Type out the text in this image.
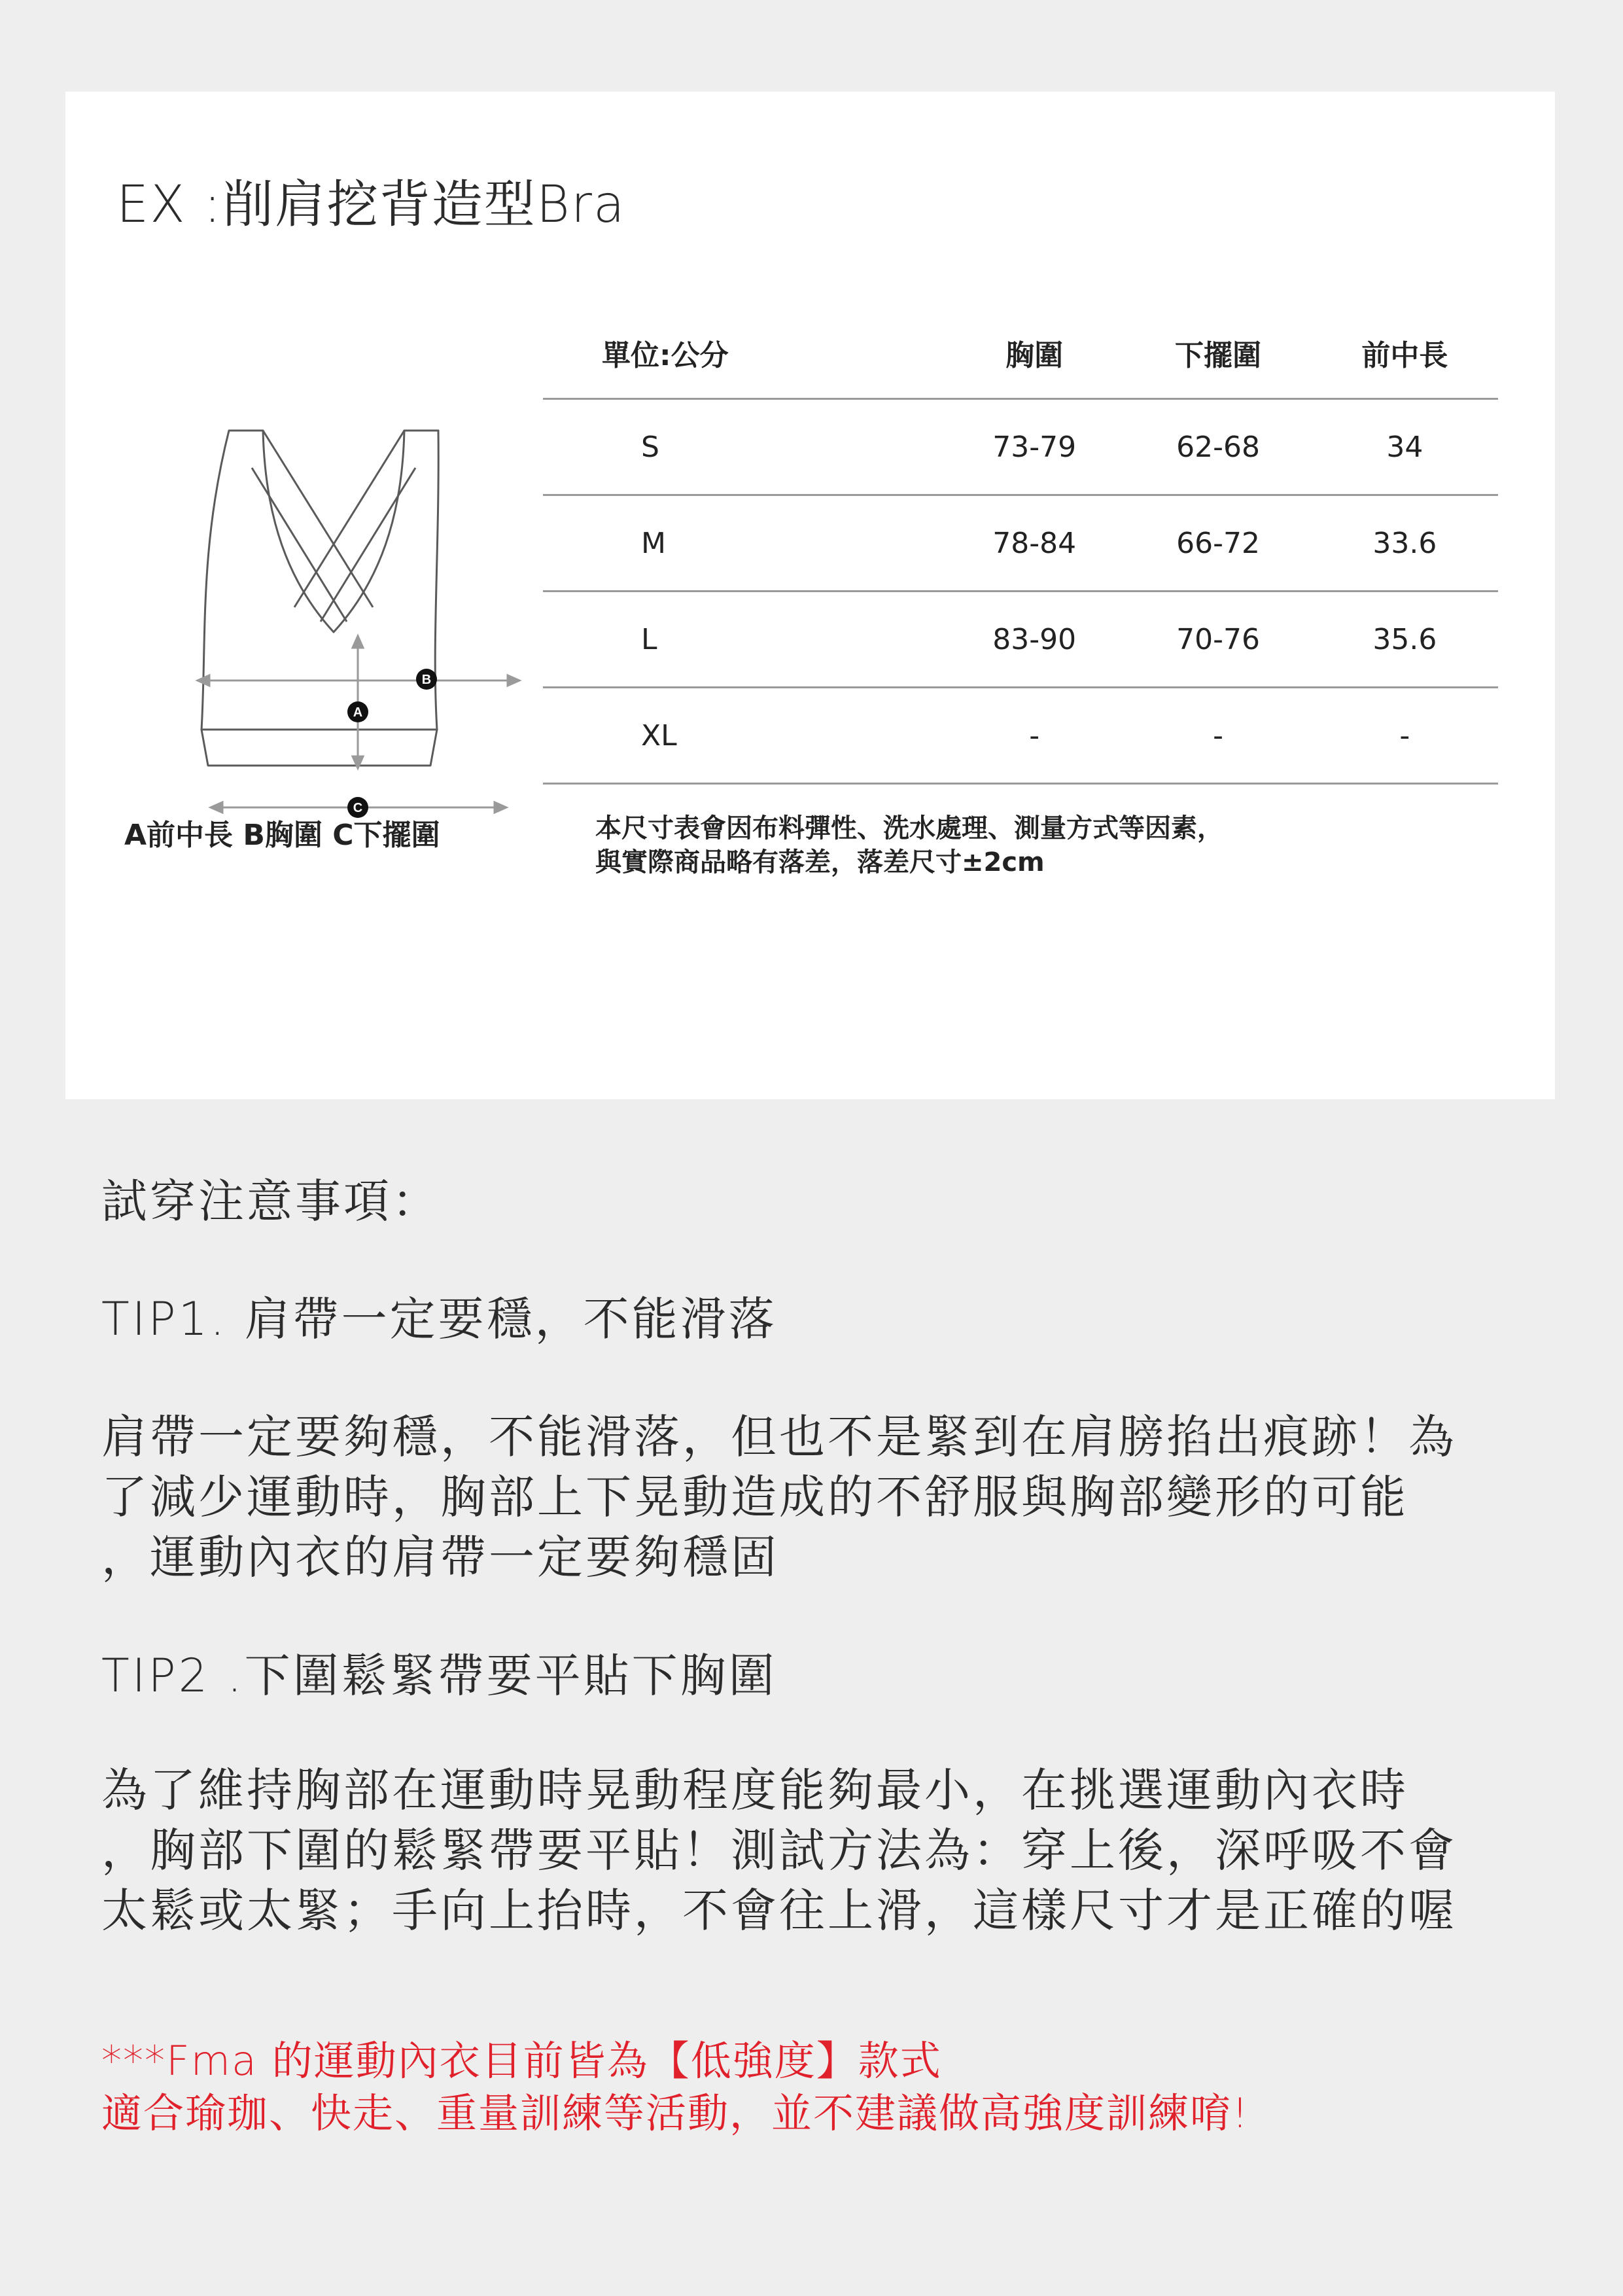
EX :削肩挖背造型Bra
A
B
C
A前中長 B胸圍 C下擺圍
單位:公分	胸圍	下擺圍	前中長
S	73-79	62-68	34
M	78-84	66-72	33.6
L	83-90	70-76	35.6
XL	-	-	-

本尺寸表會因布料彈性、洗水處理、測量方式等因素，

與實際商品略有落差，落差尺寸±2cm

試穿注意事項：
TIP1. 肩帶一定要穩，不能滑落

肩帶一定要夠穩，不能滑落，但也不是緊到在肩膀掐出痕跡！為

了減少運動時，胸部上下晃動造成的不舒服與胸部變形的可能

，運動內衣的肩帶一定要夠穩固

TIP2 .下圍鬆緊帶要平貼下胸圍

為了維持胸部在運動時晃動程度能夠最小，在挑選運動內衣時

，胸部下圍的鬆緊帶要平貼！測試方法為：穿上後，深呼吸不會

太鬆或太緊；手向上抬時，不會往上滑，這樣尺寸才是正確的喔

***Fma 的運動內衣目前皆為【低強度】款式

適合瑜珈、快走、重量訓練等活動，並不建議做高強度訓練唷!
